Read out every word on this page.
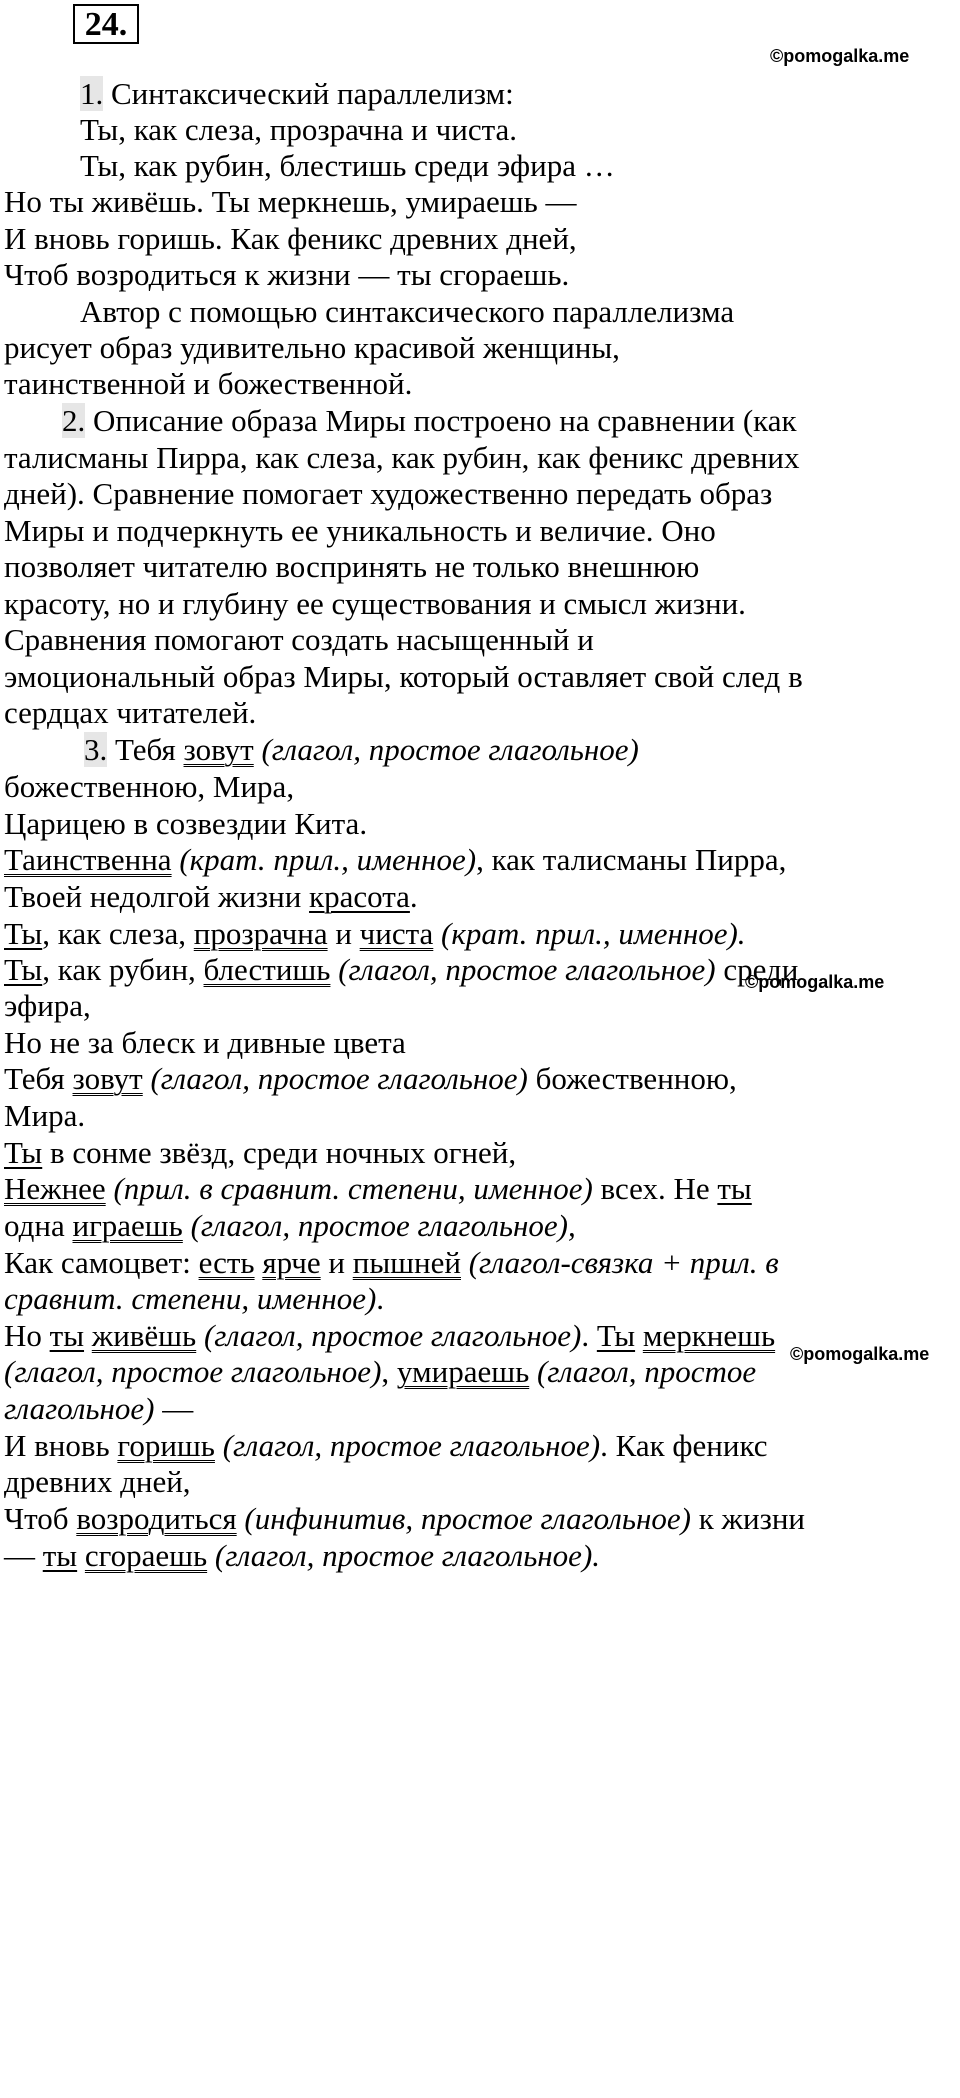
24.
©pomogalka.me
1. Синтаксический параллелизм:
Ты, как слеза, прозрачна и чиста.
Ты, как рубин, блестишь среди эфира …
Но ты живёшь. Ты меркнешь, умираешь —
И вновь горишь. Как феникс древних дней,
Чтоб возродиться к жизни — ты сгораешь.
Автор с помощью синтаксического параллелизма
рисует образ удивительно красивой женщины,
таинственной и божественной.
2. Описание образа Миры построено на сравнении (как
талисманы Пирра, как слеза, как рубин, как феникс древних
дней). Сравнение помогает художественно передать образ
Миры и подчеркнуть ее уникальность и величие. Оно
позволяет читателю воспринять не только внешнюю
красоту, но и глубину ее существования и смысл жизни.
Сравнения помогают создать насыщенный и
эмоциональный образ Миры, который оставляет свой след в
сердцах читателей.
©pomogalka.me
3. Тебя зовут (глагол, простое глагольное)
божественною, Мира,
Царицею в созвездии Кита.
Таинственна (крат. прил., именное), как талисманы Пирра,
Твоей недолгой жизни красота.
Ты, как слеза, прозрачна и чиста (крат. прил., именное).
Ты, как рубин, блестишь (глагол, простое глагольное) среди
эфира,
Но не за блеск и дивные цвета
Тебя зовут (глагол, простое глагольное) божественною,
Мира.
Ты в сонме звёзд, среди ночных огней,
Нежнее (прил. в сравнит. степени, именное) всех. Не ты
одна играешь (глагол, простое глагольное),
Как самоцвет: есть ярче и пышней (глагол-связка + прил. в
сравнит. степени, именное).
©pomogalka.me
Но ты живёшь (глагол, простое глагольное). Ты меркнешь
(глагол, простое глагольное), умираешь (глагол, простое
глагольное) —
И вновь горишь (глагол, простое глагольное). Как феникс
древних дней,
Чтоб возродиться (инфинитив, простое глагольное) к жизни
— ты сгораешь (глагол, простое глагольное).
